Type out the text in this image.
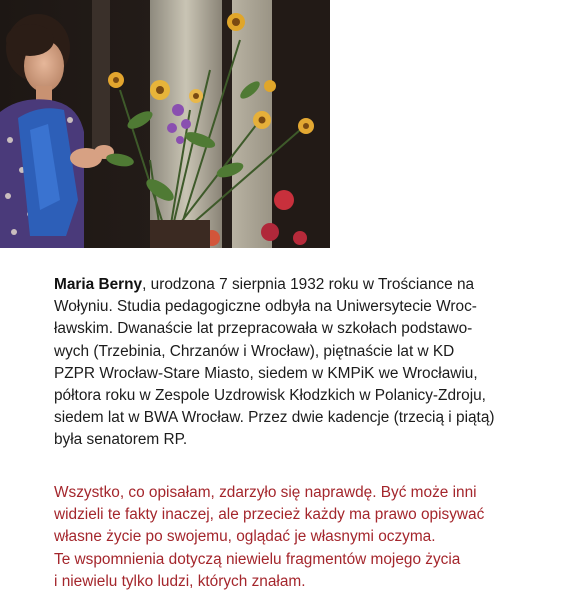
Maria Berny, urodzona 7 sierpnia 1932 roku w Trościance na
Wołyniu. Studia pedagogiczne odbyła na Uniwersytecie Wroc-
ławskim. Dwanaście lat przepracowała w szkołach podstawo-
wych (Trzebinia, Chrzanów i Wrocław), piętnaście lat w KD
PZPR Wrocław-Stare Miasto, siedem w KMPiK we Wrocławiu,
półtora roku w Zespole Uzdrowisk Kłodzkich w Polanicy-Zdroju,
siedem lat w BWA Wrocław. Przez dwie kadencje (trzecią i piątą)
była senatorem RP.

Wszystko, co opisałam, zdarzyło się naprawdę. Być może inni
widzieli te fakty inaczej, ale przecież każdy ma prawo opisywać
własne życie po swojemu, oglądać je własnymi oczyma.
Te wspomnienia dotyczą niewielu fragmentów mojego życia
i niewielu tylko ludzi, których znałam.
